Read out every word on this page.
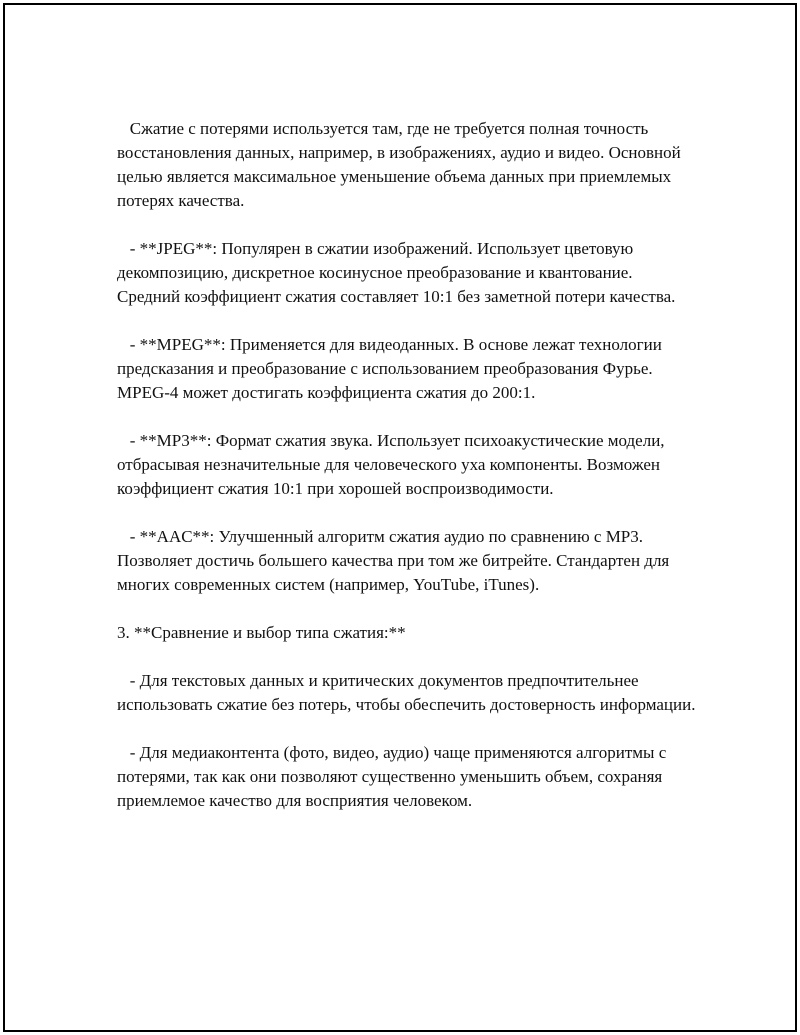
Сжатие с потерями используется там, где не требуется полная точность восстановления данных, например, в изображениях, аудио и видео. Основной целью является максимальное уменьшение объема данных при приемлемых потерях качества.

- **JPEG**: Популярен в сжатии изображений. Использует цветовую декомпозицию, дискретное косинусное преобразование и квантование. Средний коэффициент сжатия составляет 10:1 без заметной потери качества.

- **MPEG**: Применяется для видеоданных. В основе лежат технологии предсказания и преобразование с использованием преобразования Фурье. MPEG-4 может достигать коэффициента сжатия до 200:1.

- **MP3**: Формат сжатия звука. Использует психоакустические модели, отбрасывая незначительные для человеческого уха компоненты. Возможен коэффициент сжатия 10:1 при хорошей воспроизводимости.

- **AAC**: Улучшенный алгоритм сжатия аудио по сравнению с MP3. Позволяет достичь большего качества при том же битрейте. Стандартен для многих современных систем (например, YouTube, iTunes).

3. **Сравнение и выбор типа сжатия:**

- Для текстовых данных и критических документов предпочтительнее использовать сжатие без потерь, чтобы обеспечить достоверность информации.

- Для медиаконтента (фото, видео, аудио) чаще применяются алгоритмы с потерями, так как они позволяют существенно уменьшить объем, сохраняя приемлемое качество для восприятия человеком.
